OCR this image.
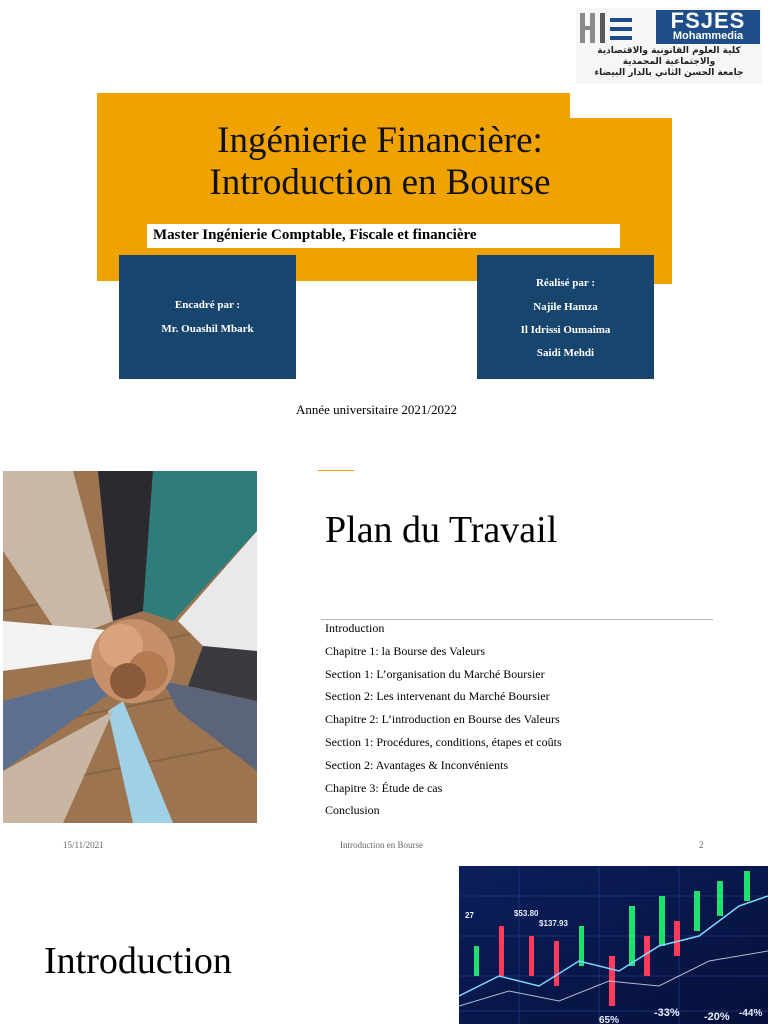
FSJES
Mohammedia
كلية العلوم القانونية والاقتصادية
والاجتماعية المحمدية
جامعة الحسن الثاني بالدار البيضاء
Ingénierie Financière:
Introduction en Bourse
Master Ingénierie Comptable, Fiscale et financière
Encadré par :
Mr. Ouashil Mbark
Réalisé par :
Najile Hamza
Il Idrissi Oumaima
Saidi Mehdi
Année universitaire 2021/2022
Plan du Travail
Introduction
Chapitre 1: la Bourse des Valeurs
Section 1: L’organisation du Marché Boursier
Section 2: Les intervenant du Marché Boursier
Chapitre 2: L’introduction en Bourse des Valeurs
Section 1: Procédures, conditions, étapes et coûts
Section 2: Avantages & Inconvénients
Chapitre 3: Étude de cas
Conclusion
15/11/2021	Introduction en Bourse	2
Introduction
27	$53.80
$137.93
-33% -20% -44%
65%
